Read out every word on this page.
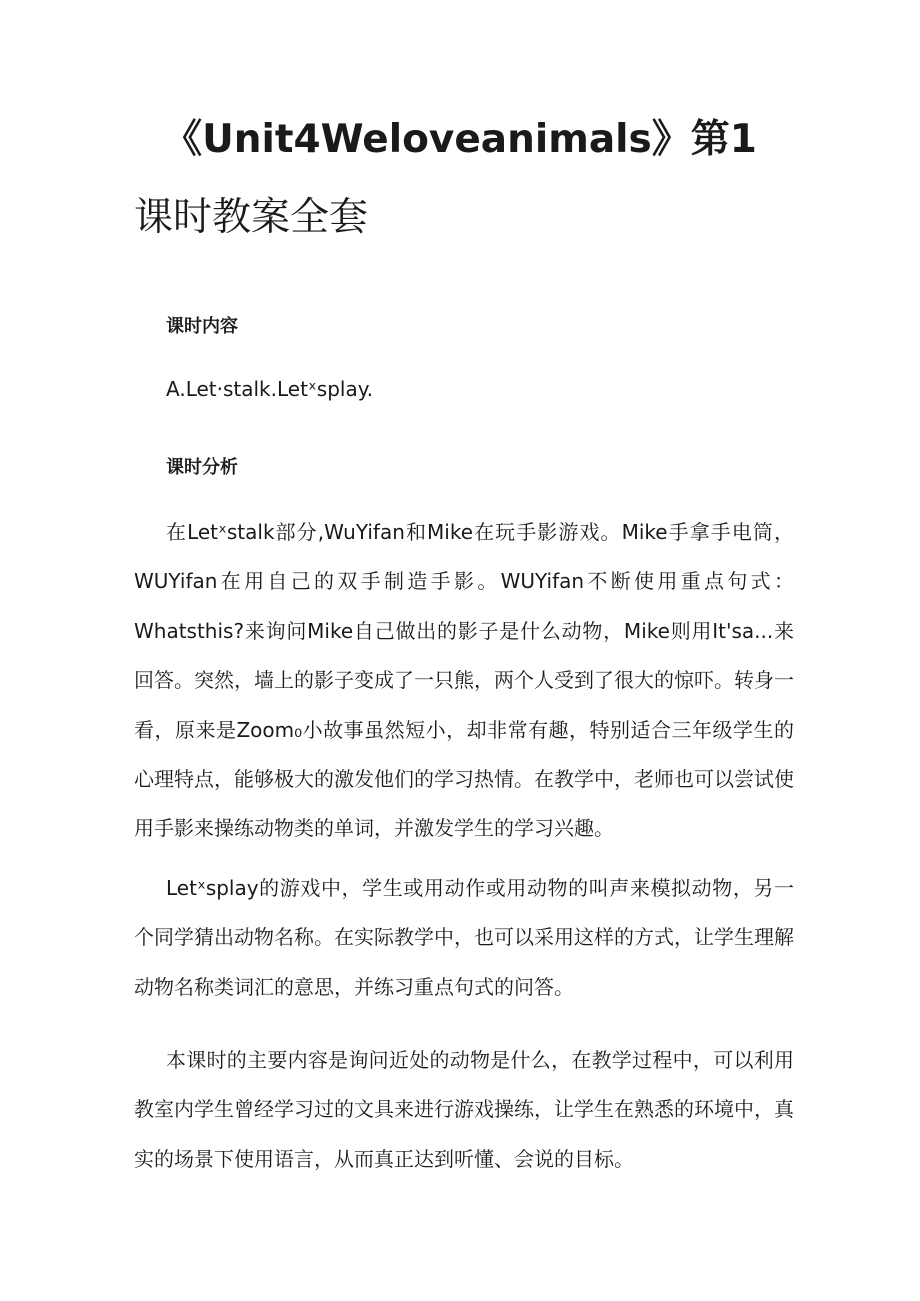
《Unit4Weloveanimals》第1
课时教案全套
课时内容
A.Let·stalk.Letˣsplay.
课时分析

在Letˣstalk部分,WuYifan和Mike在玩手影游戏。Mike手拿手电筒，WUYifan在用自己的双手制造手影。WUYifan不断使用重点句式：Whatsthis?来询问Mike自己做出的影子是什么动物，Mike则用It'sa...来回答。突然，墙上的影子变成了一只熊，两个人受到了很大的惊吓。转身一看，原来是Zoom₀小故事虽然短小，却非常有趣，特别适合三年级学生的心理特点，能够极大的激发他们的学习热情。在教学中，老师也可以尝试使用手影来操练动物类的单词，并激发学生的学习兴趣。

Letˣsplay的游戏中，学生或用动作或用动物的叫声来模拟动物，另一个同学猜出动物名称。在实际教学中，也可以采用这样的方式，让学生理解动物名称类词汇的意思，并练习重点句式的问答。

本课时的主要内容是询问近处的动物是什么，在教学过程中，可以利用教室内学生曾经学习过的文具来进行游戏操练，让学生在熟悉的环境中，真实的场景下使用语言，从而真正达到听懂、会说的目标。
